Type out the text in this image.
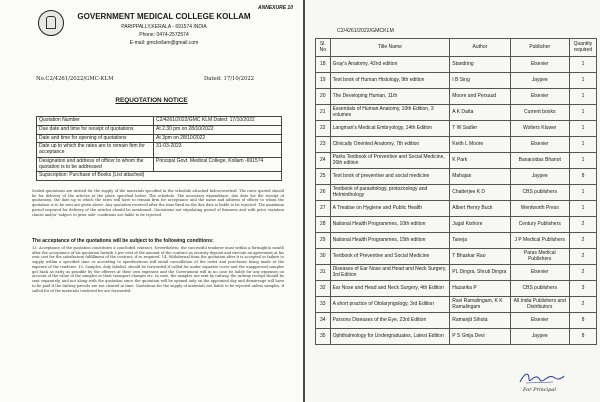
ANNEXURE 10
GOVERNMENT MEDICAL COLLEGE KOLLAM
PARIPPALLY,KERALA - 691574 INDIA
Phone: 0474-2572574
E-mail: gmckollam@gmail.com
No.C2/4261/2022/GMC-KLM	Dated: 17/10/2022
REQUOTATION NOTICE
Quotation Number	C2/4261/2022/GMC KLM Dated: 17/10/2022
Due date and time for receipt of quotations	At 2.30 pm on 28/10/2022
Date and time for opening of quotations	At 3pm on 28/10/2022
Date up to which the rates are to remain firm for acceptance	31-03-2023
Designation and address of officer to whom the quotation is to be addressed	Principal Govt. Medical College, Kollam -691574
Supscription: Purchase of Books (List attached)	
Sealed quotations are invited for the supply of the materials specified in the schedule attached below/overleaf. The rates quoted should be for delivery of the articles at the place specified below. The schedule. The necessary expenditure, due date for the receipt of quotations, the date up to which the rates will have to remain firm for acceptance and the name and address of officer to whom the quotation is to be sent are given above. Any quotation received after the time fixed on the due date is liable to be rejected. The maximum period required for delivery of the articles should be mentioned. Quotations not stipulating period of firmness and with price variation clause and/or 'subject to prior sale' conditions are liable to be rejected.
The acceptance of the quotations will be subject to the following conditions:
13. Acceptance of the quotation constitutes a concluded contract. Nevertheless, the successful tenderer must within a fortnight/a month after the acceptance of his quotation furnish 5 per cent of the amount of the contract as security deposit and execute an agreement at his own cost for the satisfactory fulfillment of the contract, if so required. 14. Withdrawal from the quotation after it is accepted or failure to supply within a specified time or according to specifications will entail cancellation of the order and purchases being made at the expense of the tenderer. 15. Samples, duly labeled, should be forwarded if called for under separate cover and the unapproved samples got back as early as possible by the offerers at their own expenses and the Government will in no case be liable for any expenses on account of the value of the samples or their transport charges etc. In case, the samples are sent by railway, the railway receipt should be sent separately, and not along with the quotation since the quotation will be opened only on the appointed day and demurrage will have to be paid if the railway parcels are not cleared in time. Quotations for the supply of materials are liable to be rejected unless samples, if called for of the materials tendered for are forwarded.
C2/4261/2022/GMCKLM
Sl. No	Title Name	Author	Publisher	Quantity required
18	Gray's Anatomy, 42nd edition	Standring	Elsevier	1
19	Text book of Human Histology, 9th edition	I B Sing	Jaypee	1
20	The Developing Human, 11th	Moore and Persaud	Elsevier	1
21	Essentials of Human Anatomy, 10th Edition, 3 volumes	A K Datta	Current books	1
22	Langman's Medical Embryology, 14th Edition	T W Sadler	Wolters Kluwer	1
23	Clinically Oriented Anatomy, 7th edition	Keith L Moore	Elsevier	1
24	Parks Textbook of Preventive and Social Medicine, 26th edition	K Park	Banarsidas Bhanot	1
25	Text book of preventive and social medicine	Mahajan	Jaypee	8
26	Textbook of parasitology, protozoology and Helminthology	Chatterjee K D	CBS publishers	1
27	A Treatise on Hygiene and Public Health	Albert Henry Buck	Wentworth Press	1
28	National Health Programmes, 10th edition	Jugal Kishore	Century Publishers	2
29	National Health Programmes, 15th edition	Taneja	J P Medical Publishers	2
30	Textbook of Preventive and Social Medicine	T Bhaskar Rao	Paras Medical Publishers	2
31	Diseases of Ear Nose and Head and Neck Surgery, 3rd Edition	PL Dingra, Shruti Dingra	Elsevier	2
32	Ear Nose and Head and Neck Surgery, 4th Edition	Hazarika P	CBS publishers	3
33	A short practice of Otolaryngology, 3rd Edition	Ravi Ramalingam, K K Ramalingam	All India Publishers and Distributors	2
34	Parsons Diseases of the Eye, 23rd Edition	Ramanjit Sihota	Elsevier	8
35	Ophthalmology for Undergraduates, Latest Edition	P S Girija Devi	Jaypee	8
For Principal
